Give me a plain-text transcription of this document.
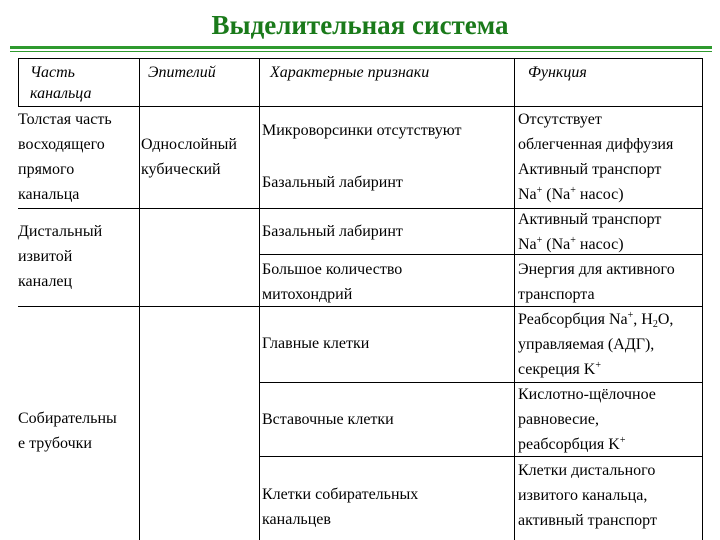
Выделительная система
Часть
канальца
Эпителий	Характерные признаки	Функция
Толстая часть
восходящего
прямого
канальца
Дистальный
извитой
каналец
Собирательны
е трубочки
Однослойный
кубический
Микроворсинки отсутствуют
Базальный лабиринт
Базальный лабиринт
Большое количество
митохондрий
Главные клетки
Вставочные клетки
Клетки собирательных
канальцев
Отсутствует
облегченная диффузия
Активный транспорт
Na+ (Na+ насос)
Активный транспорт
Na+ (Na+ насос)
Энергия для активного
транспорта
Реабсорбция Na+, $H_2O$,
управляемая (АДГ),
секреция K+
Кислотно-щёлочное
равновесие,
реабсорбция K+
Клетки дистального
извитого канальца,
активный транспорт
